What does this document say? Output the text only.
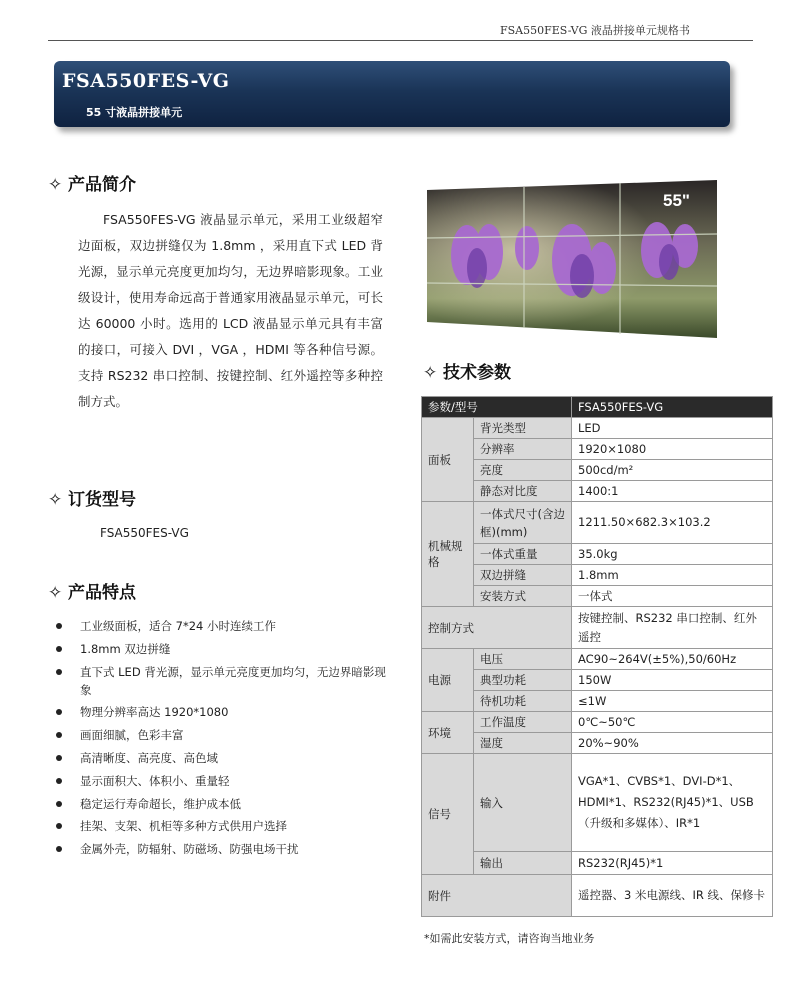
FSA550FES-VG 液晶拼接单元规格书
FSA550FES-VG
55 寸液晶拼接单元
✧ 产品简介

FSA550FES-VG 液晶显示单元，采用工业级超窄边面板，双边拼缝仅为 1.8mm ，采用直下式 LED 背光源，显示单元亮度更加均匀，无边界暗影现象。工业级设计，使用寿命远高于普通家用液晶显示单元，可长达 60000 小时。选用的 LCD 液晶显示单元具有丰富的接口，可接入 DVI ，VGA ，HDMI 等各种信号源。支持 RS232 串口控制、按键控制、红外遥控等多种控制方式。

✧ 订货型号
FSA550FES-VG
✧ 产品特点
工业级面板，适合 7*24 小时连续工作
1.8mm 双边拼缝
直下式 LED 背光源，显示单元亮度更加均匀，无边界暗影现象
物理分辨率高达 1920*1080
画面细腻，色彩丰富
高清晰度、高亮度、高色域
显示面积大、体积小、重量轻
稳定运行寿命超长，维护成本低
挂架、支架、机柜等多种方式供用户选择
金属外壳，防辐射、防磁场、防强电场干扰
55"
✧ 技术参数
参数/型号		FSA550FES-VG
面板	背光类型	LED
	分辨率	1920×1080
	亮度	500cd/m²
	静态对比度	1400:1
机械规格	一体式尺寸(含边框)(mm)	1211.50×682.3×103.2
	一体式重量	35.0kg
	双边拼缝	1.8mm
	安装方式	一体式
控制方式		按键控制、RS232 串口控制、红外遥控
电源	电压	AC90~264V(±5%),50/60Hz
	典型功耗	150W
	待机功耗	≤1W
环境	工作温度	0℃~50℃
	湿度	20%~90%
信号	输入	VGA*1、CVBS*1、DVI-D*1、HDMI*1、RS232(RJ45)*1、USB（升级和多媒体）、IR*1
	输出	RS232(RJ45)*1
附件		遥控器、3 米电源线、IR 线、保修卡
*如需此安装方式，请咨询当地业务
